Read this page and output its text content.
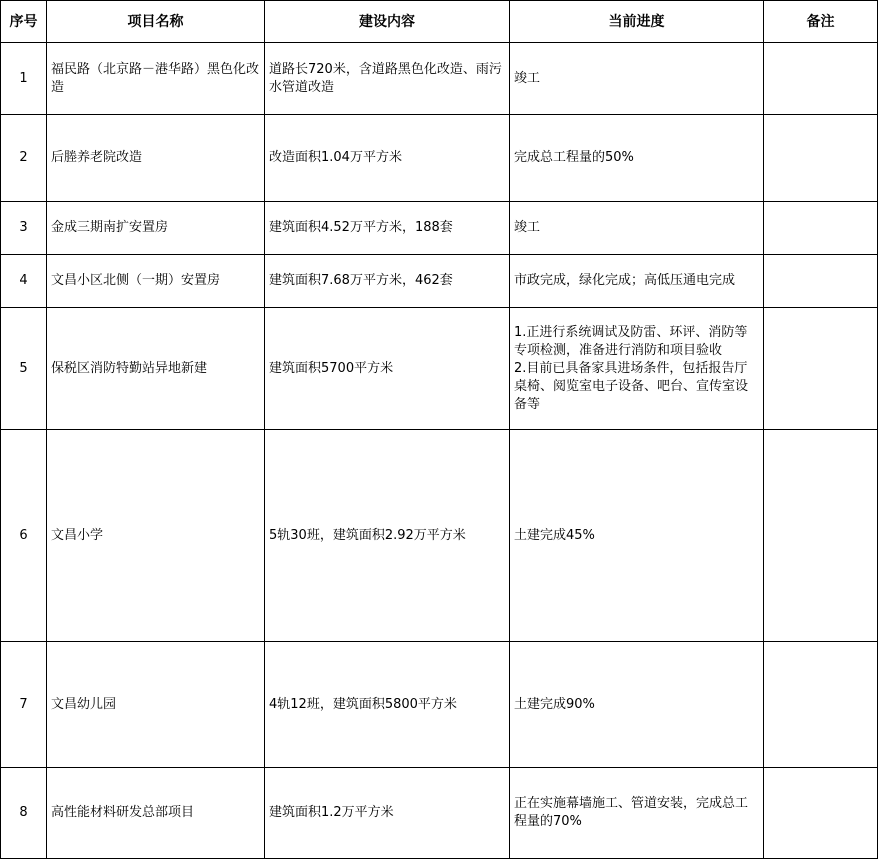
序号	项目名称	建设内容	当前进度	备注
1	福民路（北京路－港华路）黑色化改造	道路长720米，含道路黑色化改造、雨污水管道改造	竣工	
2	后塍养老院改造	改造面积1.04万平方米	完成总工程量的50%	
3	金成三期南扩安置房	建筑面积4.52万平方米，188套	竣工	
4	文昌小区北侧（一期）安置房	建筑面积7.68万平方米，462套	市政完成，绿化完成；高低压通电完成	
5	保税区消防特勤站异地新建	建筑面积5700平方米	1.正进行系统调试及防雷、环评、消防等专项检测，准备进行消防和项目验收
2.目前已具备家具进场条件，包括报告厅桌椅、阅览室电子设备、吧台、宣传室设备等	

6	文昌小学	5轨30班，建筑面积2.92万平方米	土建完成45%	
7	文昌幼儿园	4轨12班，建筑面积5800平方米	土建完成90%	
8	高性能材料研发总部项目	建筑面积1.2万平方米	正在实施幕墙施工、管道安装，完成总工程量的70%	
